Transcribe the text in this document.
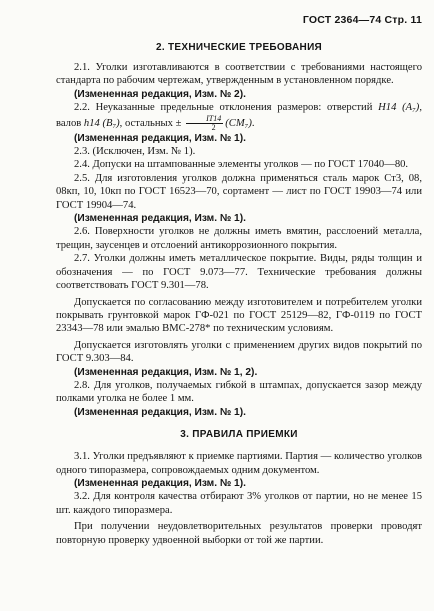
ГОСТ 2364—74 Стр. 11
2. ТЕХНИЧЕСКИЕ ТРЕБОВАНИЯ

2.1. Уголки изготавливаются в соответствии с требованиями настоящего стандарта по рабочим чертежам, утвержденным в установленном порядке.

(Измененная редакция, Изм. № 2).

2.2. Неуказанные предельные отклонения размеров: отверстий H14 (A₇), валов h14 (B₇), остальных ± $\frac{IT14}{2} (CM_7)$.

(Измененная редакция, Изм. № 1).

2.3. (Исключен, Изм. № 1).

2.4. Допуски на штампованные элементы уголков — по ГОСТ 17040—80.

2.5. Для изготовления уголков должна применяться сталь марок Ст3, 08, 08кп, 10, 10кп по ГОСТ 16523—70, сортамент — лист по ГОСТ 19903—74 или ГОСТ 19904—74.

(Измененная редакция, Изм. № 1).

2.6. Поверхности уголков не должны иметь вмятин, расслоений металла, трещин, заусенцев и отслоений антикоррозионного покрытия.

2.7. Уголки должны иметь металлическое покрытие. Виды, ряды толщин и обозначения — по ГОСТ 9.073—77. Технические требования должны соответствовать ГОСТ 9.301—78.

Допускается по согласованию между изготовителем и потребителем уголки покрывать грунтовкой марок ГФ-021 по ГОСТ 25129—82, ГФ-0119 по ГОСТ 23343—78 или эмалью ВМС-278* по техническим условиям.

Допускается изготовлять уголки с применением других видов покрытий по ГОСТ 9.303—84.

(Измененная редакция, Изм. № 1, 2).

2.8. Для уголков, получаемых гибкой в штампах, допускается зазор между полками уголка не более 1 мм.

(Измененная редакция, Изм. № 1).

3. ПРАВИЛА ПРИЕМКИ

3.1. Уголки предъявляют к приемке партиями. Партия — количество уголков одного типоразмера, сопровождаемых одним документом.

(Измененная редакция, Изм. № 1).

3.2. Для контроля качества отбирают 3% уголков от партии, но не менее 15 шт. каждого типоразмера.

При получении неудовлетворительных результатов проверки проводят повторную проверку удвоенной выборки от той же партии.
